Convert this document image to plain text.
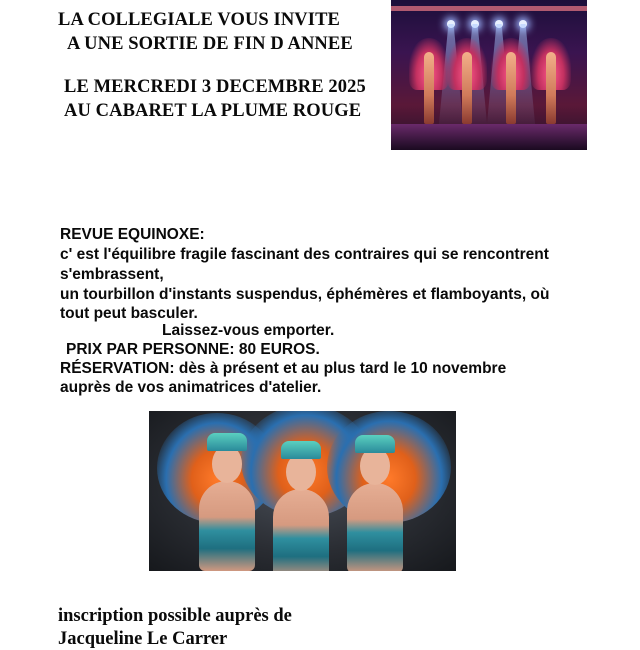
LA COLLEGIALE VOUS INVITE
A UNE SORTIE DE FIN D ANNEE
LE MERCREDI 3 DECEMBRE 2025
AU CABARET LA PLUME ROUGE
REVUE EQUINOXE:
c' est l'équilibre fragile fascinant des contraires qui se rencontrent
s'embrassent,
un tourbillon d'instants suspendus, éphémères et flamboyants, où
tout peut basculer.
Laissez-vous emporter.
PRIX PAR PERSONNE: 80 EUROS.
RÉSERVATION: dès à présent et au plus tard le 10 novembre
auprès de vos animatrices d'atelier.
inscription possible auprès de
Jacqueline Le Carrer
